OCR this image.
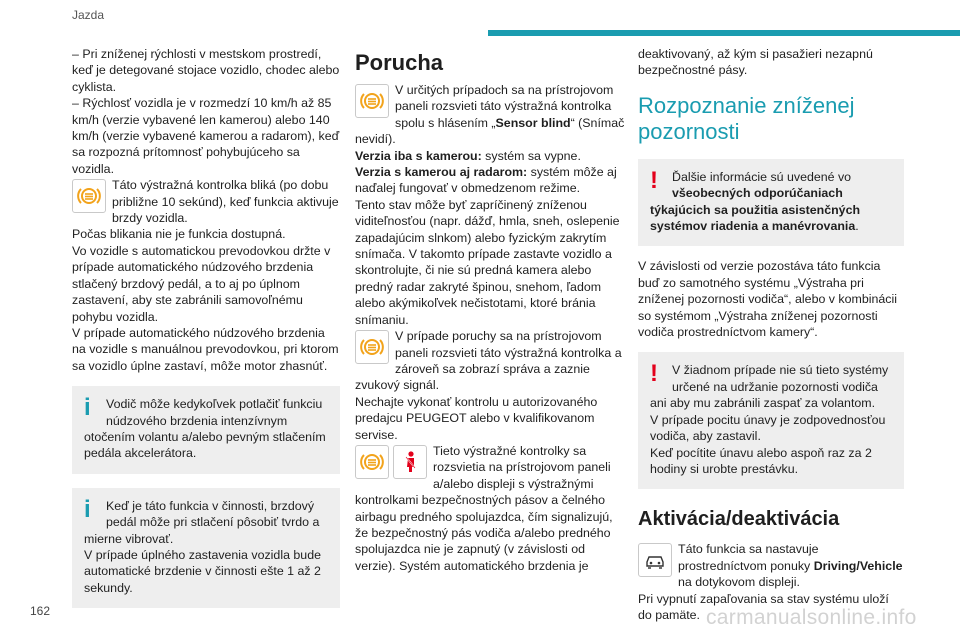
Jazda

– Pri zníženej rýchlosti v mestskom prostredí, keď je detegované stojace vozidlo, chodec alebo cyklista.

– Rýchlosť vozidla je v rozmedzí 10 km/h až 85 km/h (verzie vybavené len kamerou) alebo 140 km/h (verzie vybavené kamerou a radarom), keď sa rozpozná prítomnosť pohybujúceho sa vozidla.

Táto výstražná kontrolka bliká (po dobu približne 10 sekúnd), keď funkcia aktivuje brzdy vozidla.

Počas blikania nie je funkcia dostupná.

Vo vozidle s automatickou prevodovkou držte v prípade automatického núdzového brzdenia stlačený brzdový pedál, a to aj po úplnom zastavení, aby ste zabránili samovoľnému pohybu vozidla.

V prípade automatického núdzového brzdenia na vozidle s manuálnou prevodovkou, pri ktorom sa vozidlo úplne zastaví, môže motor zhasnúť.

i	Vodič môže kedykoľvek potlačiť funkciu núdzového brzdenia intenzívnym otočením volantu a/alebo pevným stlačením pedála akcelerátora.

i	Keď je táto funkcia v činnosti, brzdový pedál môže pri stlačení pôsobiť tvrdo a mierne vibrovať.

V prípade úplného zastavenia vozidla bude automatické brzdenie v činnosti ešte 1 až 2 sekundy.

Porucha
V určitých prípadoch sa na prístrojovom paneli rozsvieti táto výstražná kontrolka spolu s hlásením „Sensor blind“ (Snímač nevidí).

Verzia iba s kamerou: systém sa vypne.

Verzia s kamerou aj radarom: systém môže aj naďalej fungovať v obmedzenom režime.

Tento stav môže byť zapríčinený zníženou viditeľnosťou (napr. dážď, hmla, sneh, oslepenie zapadajúcim slnkom) alebo fyzickým zakrytím snímača. V takomto prípade zastavte vozidlo a skontrolujte, či nie sú predná kamera alebo predný radar zakryté špinou, snehom, ľadom alebo akýmikoľvek nečistotami, ktoré bránia snímaniu.

V prípade poruchy sa na prístrojovom paneli rozsvieti táto výstražná kontrolka a zároveň sa zobrazí správa a zaznie zvukový signál.

Nechajte vykonať kontrolu u autorizovaného predajcu PEUGEOT alebo v kvalifikovanom servise.

Tieto výstražné kontrolky sa rozsvietia na prístrojovom paneli a/alebo displeji s výstražnými kontrolkami bezpečnostných pásov a čelného airbagu predného spolujazdca, čím signalizujú, že bezpečnostný pás vodiča a/alebo predného spolujazdca nie je zapnutý (v závislosti od verzie). Systém automatického brzdenia je

deaktivovaný, až kým si pasažieri nezapnú bezpečnostné pásy.

Rozpoznanie zníženej pozornosti
!	Ďalšie informácie sú uvedené vo všeobecných odporúčaniach týkajúcich sa použitia asistenčných systémov riadenia a manévrovania.

V závislosti od verzie pozostáva táto funkcia buď zo samotného systému „Výstraha pri zníženej pozornosti vodiča“, alebo v kombinácii so systémom „Výstraha zníženej pozornosti vodiča prostredníctvom kamery“.

!	V žiadnom prípade nie sú tieto systémy určené na udržanie pozornosti vodiča ani aby mu zabránili zaspať za volantom.

V prípade pocitu únavy je zodpovednosťou vodiča, aby zastavil.

Keď pocítite únavu alebo aspoň raz za 2 hodiny si urobte prestávku.

Aktivácia/deaktivácia
Táto funkcia sa nastavuje prostredníctvom ponuky Driving/Vehicle na dotykovom displeji.

Pri vypnutí zapaľovania sa stav systému uloží do pamäte.

162	carmanualsonline.info
